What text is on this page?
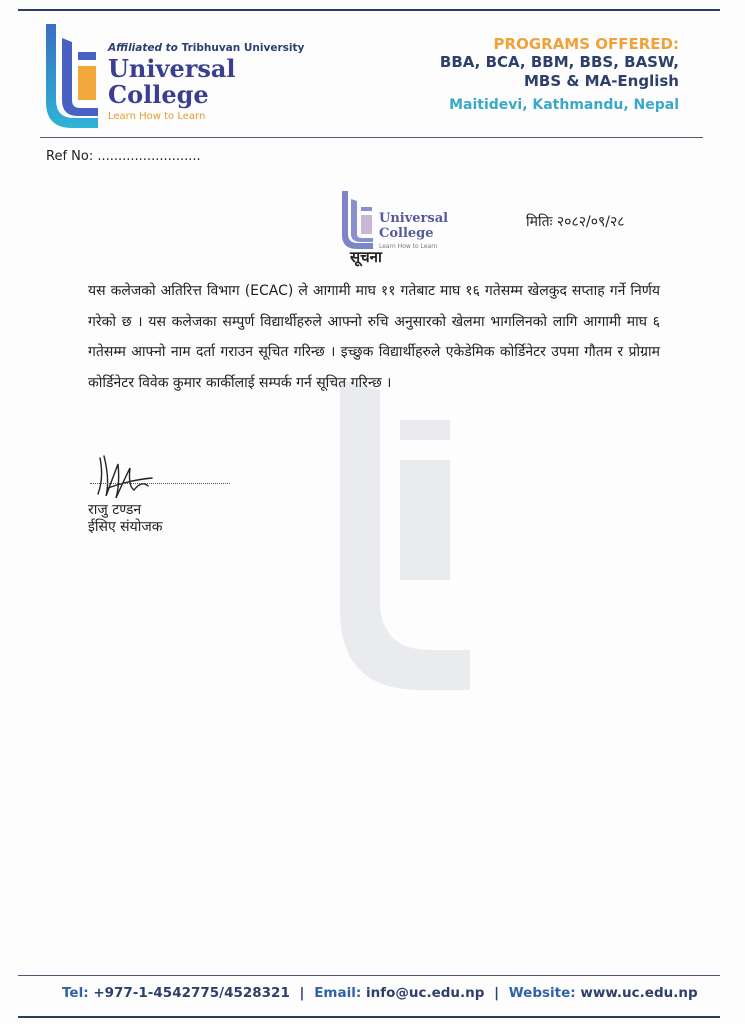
Affiliated to Tribhuvan University
Universal
College
Learn How to Learn
PROGRAMS OFFERED:
BBA, BCA, BBM, BBS, BASW,
MBS & MA-English
Maitidevi, Kathmandu, Nepal
Ref No: .........................
Universal
College
Learn How to Learn
सूचना
मितिः २०८२/०९/२८
यस कलेजको अतिरित्त विभाग (ECAC) ले आगामी माघ ११ गतेबाट माघ १६ गतेसम्म खेलकुद सप्ताह गर्ने निर्णय गरेको छ । यस कलेजका सम्पुर्ण विद्यार्थीहरुले आफ्नो रुचि अनुसारको खेलमा भागलिनको लागि आगामी माघ ६ गतेसम्म आफ्नो नाम दर्ता गराउन सूचित गरिन्छ । इच्छुक विद्यार्थीहरुले एकेडेमिक कोर्डिनेटर उपमा गौतम र प्रोग्राम कोर्डिनेटर विवेक कुमार कार्कीलाई सम्पर्क गर्न सूचित गरिन्छ ।
राजु टण्डन
ईसिए संयोजक
Tel: +977-1-4542775/4528321 | Email: info@uc.edu.np | Website: www.uc.edu.np
